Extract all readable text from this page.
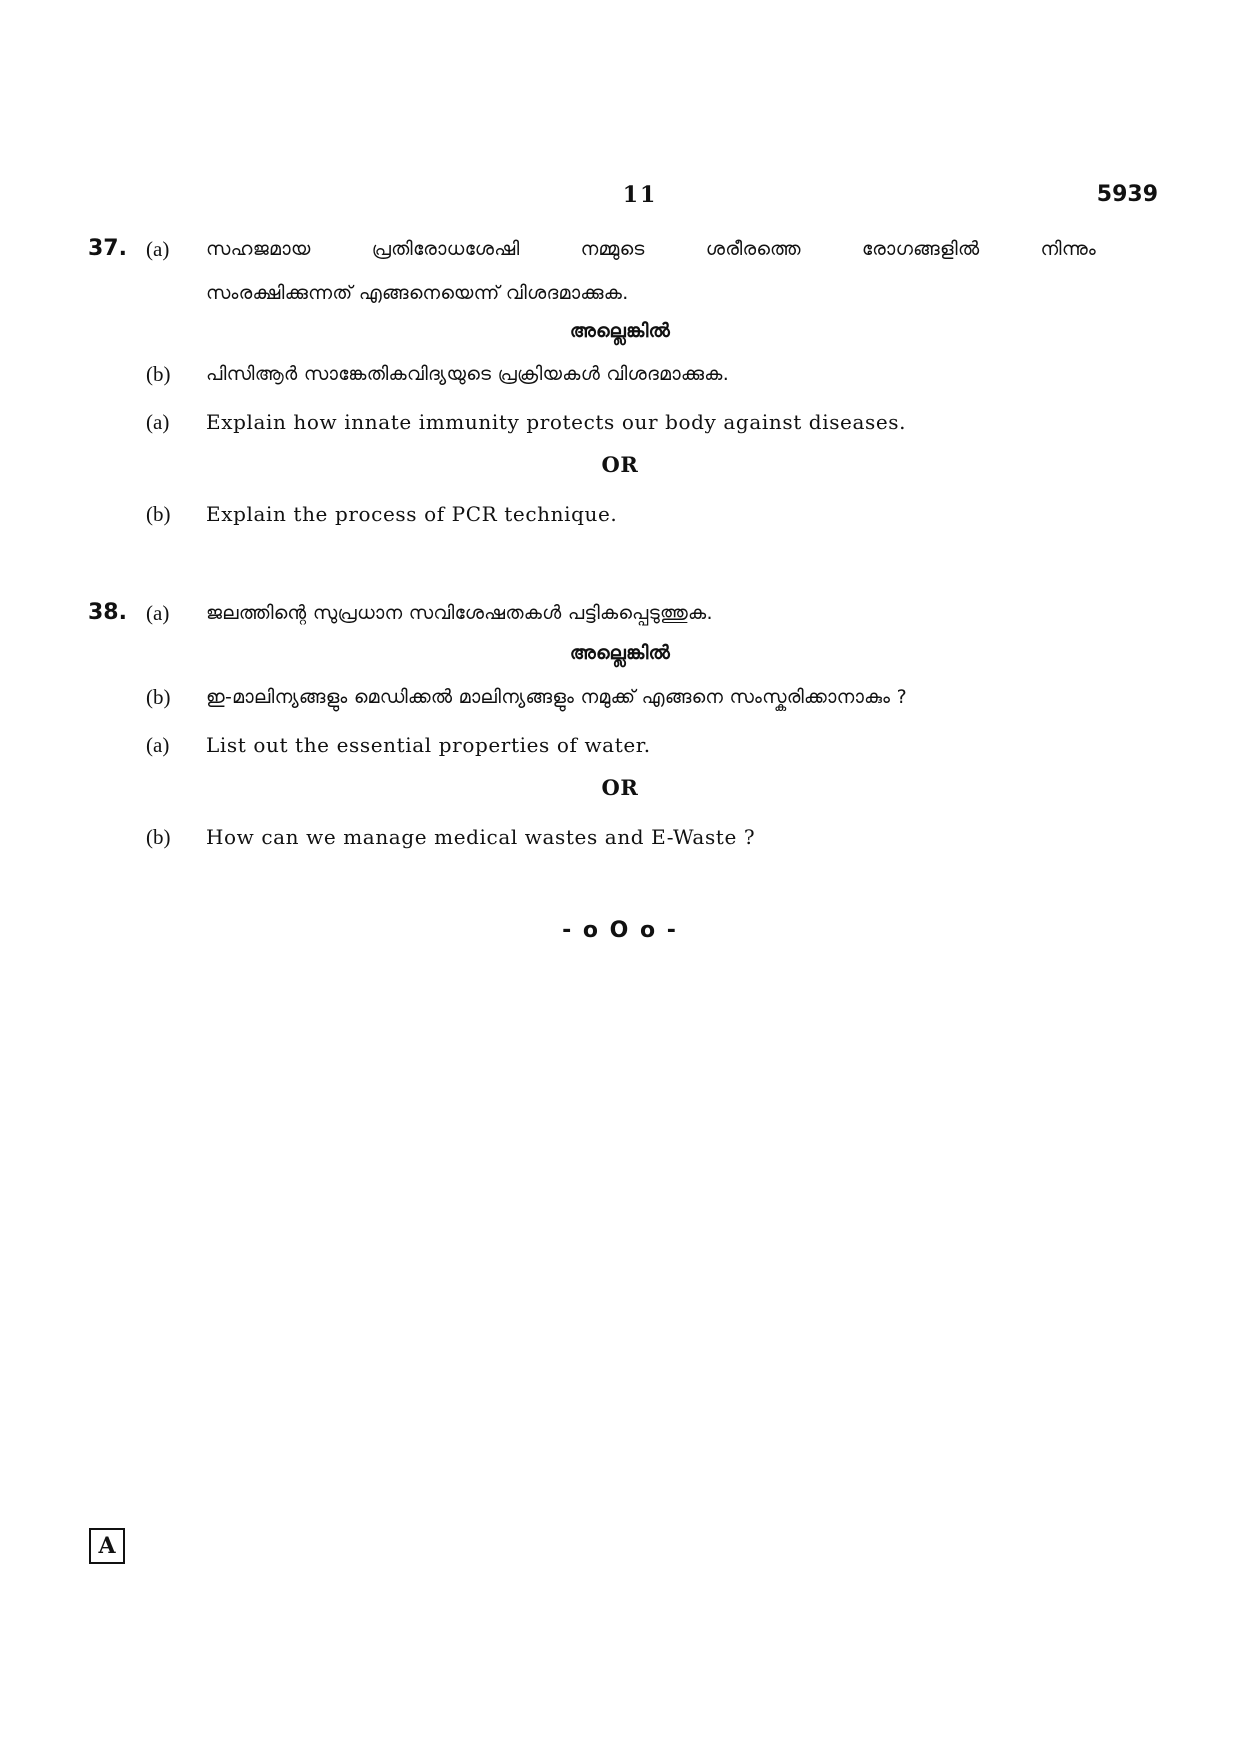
11	5939
37. (a) സഹജമായ പ്രതിരോധശേഷി നമ്മുടെ ശരീരത്തെ രോഗങ്ങളിൽ നിന്നും
സംരക്ഷിക്കുന്നത് എങ്ങനെയെന്ന് വിശദമാക്കുക.
അല്ലെങ്കിൽ
(b) പിസിആർ സാങ്കേതികവിദ്യയുടെ പ്രക്രിയകൾ വിശദമാക്കുക.
(a) Explain how innate immunity protects our body against diseases.
OR
(b) Explain the process of PCR technique.
38. (a) ജലത്തിന്റെ സുപ്രധാന സവിശേഷതകൾ പട്ടികപ്പെടുത്തുക.
അല്ലെങ്കിൽ
(b) ഇ-മാലിന്യങ്ങളും മെഡിക്കൽ മാലിന്യങ്ങളും നമുക്ക് എങ്ങനെ സംസ്കരിക്കാനാകും ?
(a) List out the essential properties of water.
OR
(b) How can we manage medical wastes and E-Waste ?
- o O o -
A
